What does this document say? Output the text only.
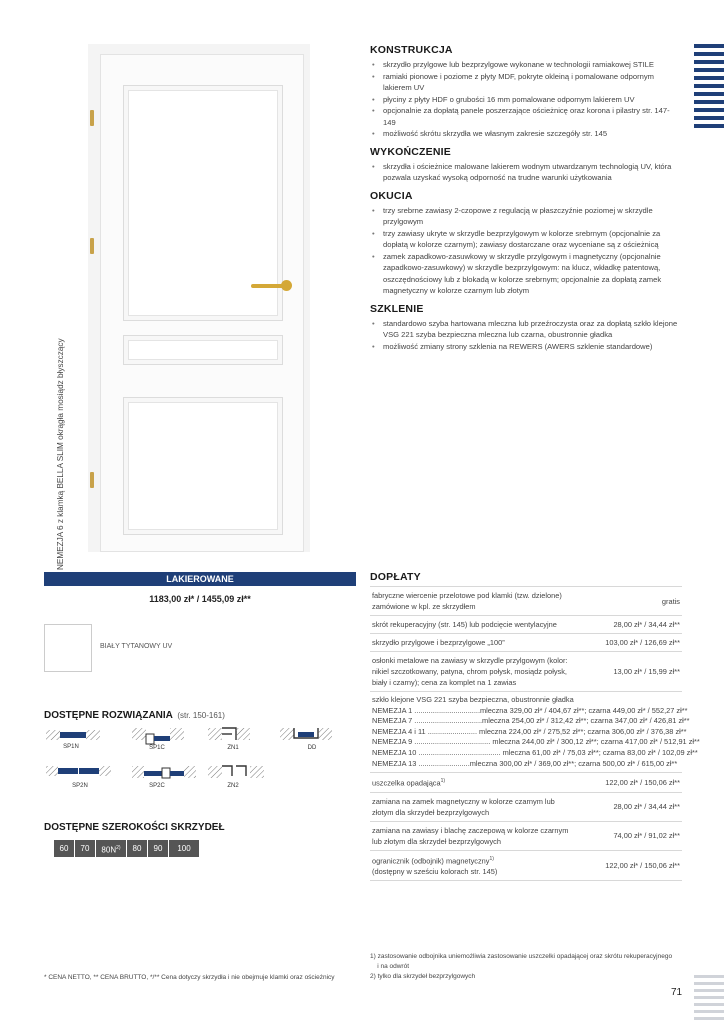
NEMEZJA 6 z klamką BELLA SLIM okrągła mosiądz błyszczący
KONSTRUKCJA
• skrzydło przylgowe lub bezprzylgowe wykonane w technologii ramiakowej STILE
• ramiaki pionowe i poziome z płyty MDF, pokryte okleiną i pomalowane odpornym lakierem UV
• płyciny z płyty HDF o grubości 16 mm pomalowane odpornym lakierem UV
• opcjonalnie za dopłatą panele poszerzające ościeżnicę oraz korona i pilastry str. 147-149
• możliwość skrótu skrzydła we własnym zakresie szczegóły str. 145
WYKOŃCZENIE
• skrzydła i ościeżnice malowane lakierem wodnym utwardzanym technologią UV, która pozwala uzyskać wysoką odporność na trudne warunki użytkowania
OKUCIA
• trzy srebrne zawiasy 2-czopowe z regulacją w płaszczyźnie poziomej w skrzydle przylgowym
• trzy zawiasy ukryte w skrzydle bezprzylgowym w kolorze srebrnym (opcjonalnie za dopłatą w kolorze czarnym); zawiasy dostarczane oraz wyceniane są z ościeżnicą
• zamek zapadkowo-zasuwkowy w skrzydle przylgowym i magnetyczny (opcjonalnie zapadkowo-zasuwkowy) w skrzydle bezprzylgowym: na klucz, wkładkę patentową, oszczędnościowy lub z blokadą w kolorze srebrnym; opcjonalnie za dopłatą zamek magnetyczny w kolorze czarnym lub złotym
SZKLENIE
• standardowo szyba hartowana mleczna lub przeźroczysta oraz za dopłatą szkło klejone VSG 221 szyba bezpieczna mleczna lub czarna, obustronnie gładka
• możliwość zmiany strony szklenia na REWERS (AWERS szklenie standardowe)
LAKIEROWANE
1183,00 zł* / 1455,09 zł**
BIAŁY TYTANOWY UV
DOSTĘPNE ROZWIĄZANIA (str. 150-161)
SP1N	SP1C	ZN1	DD
SP2N	SP2C	ZN2
DOSTĘPNE SZEROKOŚCI SKRZYDEŁ
60	70	$80N^{2)}$	80	90	100
* CENA NETTO, ** CENA BRUTTO, */** Cena dotyczy skrzydła i nie obejmuje klamki oraz ościeżnicy
DOPŁATY
fabryczne wiercenie przelotowe pod klamki (tzw. dzielone) zamówione w kpl. ze skrzydłem
gratis
skrót rekuperacyjny (str. 145) lub podcięcie wentylacyjne	28,00 zł* / 34,44 zł**
skrzydło przylgowe i bezprzylgowe „100”	103,00 zł* / 126,69 zł**
osłonki metalowe na zawiasy w skrzydle przylgowym (kolor: nikiel szczotkowany, patyna, chrom połysk, mosiądz połysk, biały i czarny); cena za komplet na 1 zawias
13,00 zł* / 15,99 zł**
szkło klejone VSG 221 szyba bezpieczna, obustronnie gładka
NEMEZJA 1 ................................mleczna 329,00 zł* / 404,67 zł**; czarna 449,00 zł* / 552,27 zł**
NEMEZJA 7 .................................mleczna 254,00 zł* / 312,42 zł**; czarna 347,00 zł* / 426,81 zł**
NEMEZJA 4 i 11 ........................ mleczna 224,00 zł* / 275,52 zł**; czarna 306,00 zł* / 376,38 zł**
NEMEZJA 9 ..................................... mleczna 244,00 zł* / 300,12 zł**; czarna 417,00 zł* / 512,91 zł**
NEMEZJA 10 ........................................ mleczna 61,00 zł* / 75,03 zł**; czarna 83,00 zł* / 102,09 zł**
NEMEZJA 13 .........................mleczna 300,00 zł* / 369,00 zł**; czarna 500,00 zł* / 615,00 zł**
uszczelka opadająca$^{1)}$	122,00 zł* / 150,06 zł**
zamiana na zamek magnetyczny w kolorze czarnym lub złotym dla skrzydeł bezprzylgowych
28,00 zł* / 34,44 zł**
zamiana na zawiasy i blachę zaczepową w kolorze czarnym lub złotym dla skrzydeł bezprzylgowych
74,00 zł* / 91,02 zł**
ogranicznik (odbojnik) magnetyczny$^{1)}$
(dostępny w sześciu kolorach str. 145)
122,00 zł* / 150,06 zł**
1) zastosowanie odbojnika uniemożliwia zastosowanie uszczelki opadającej oraz skrótu rekuperacyjnego
i na odwrót
2) tylko dla skrzydeł bezprzylgowych
71
